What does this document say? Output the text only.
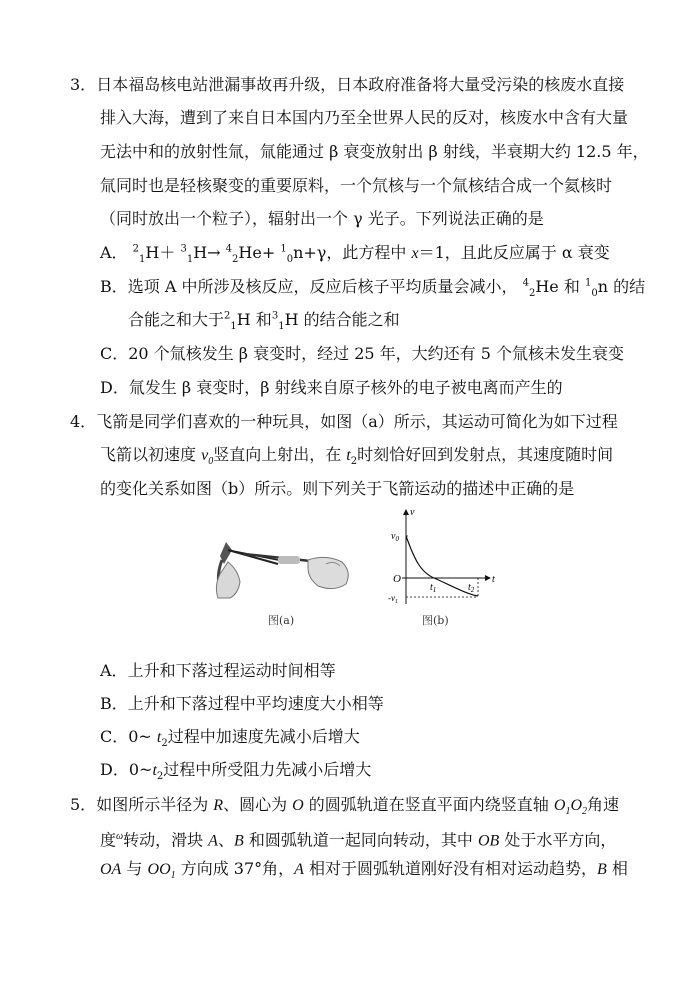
3．日本福岛核电站泄漏事故再升级，日本政府准备将大量受污染的核废水直接
排入大海，遭到了来自日本国内乃至全世界人民的反对，核废水中含有大量
无法中和的放射性氚，氚能通过 β 衰变放射出 β 射线，半衰期大约 12.5 年，
氚同时也是轻核聚变的重要原料，一个氘核与一个氚核结合成一个氦核时
（同时放出一个粒子），辐射出一个 γ 光子。下列说法正确的是
A． $^2_1$H＋ $^3_1$H→ $^4_2$He+ $^1_0$n+γ，此方程中 x＝1，且此反应属于 α 衰变
B．选项 A 中所涉及核反应，反应后核子平均质量会减小， $^4_2$He 和 $^1_0$n 的结
合能之和大于$^2_1$H 和$^3_1$H 的结合能之和
C．20 个氚核发生 β 衰变时，经过 25 年，大约还有 5 个氚核未发生衰变
D．氚发生 β 衰变时，β 射线来自原子核外的电子被电离而产生的
4．飞箭是同学们喜欢的一种玩具，如图（a）所示，其运动可简化为如下过程
飞箭以初速度 $v_0$竖直向上射出，在 $t_2$时刻恰好回到发射点，其速度随时间
的变化关系如图（b）所示。则下列关于飞箭运动的描述中正确的是
图(a)
v
$v_0$
O
$t_1$	$t_2$
t
$-v_1$
图(b)
A．上升和下落过程运动时间相等
B．上升和下落过程中平均速度大小相等
C．0~ $t_2$过程中加速度先减小后增大
D．$0\sim t_2$过程中所受阻力先减小后增大
5．如图所示半径为 R、圆心为 O 的圆弧轨道在竖直平面内绕竖直轴 $O_1O_2$角速
度$^\omega$转动，滑块 A、B 和圆弧轨道一起同向转动，其中 OB 处于水平方向，
OA 与 $OO_1$ 方向成 37°角，A 相对于圆弧轨道刚好没有相对运动趋势，B 相
